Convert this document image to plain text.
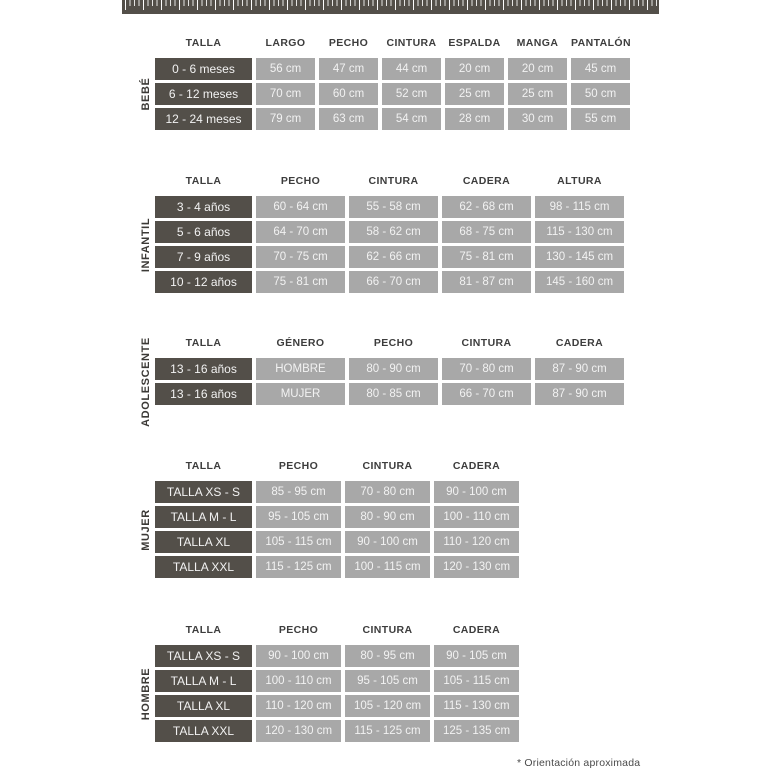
BEBÉ
TALLA	LARGO	PECHO	CINTURA	ESPALDA	MANGA	PANTALÓN
0 - 6 meses	56 cm	47 cm	44 cm	20 cm	20 cm	45 cm
6 - 12 meses	70 cm	60 cm	52 cm	25 cm	25 cm	50 cm
12 - 24 meses	79 cm	63 cm	54 cm	28 cm	30 cm	55 cm
INFANTIL
TALLA	PECHO	CINTURA	CADERA	ALTURA
3 - 4 años	60 - 64 cm	55 - 58 cm	62 - 68 cm	98 - 115 cm
5 - 6 años	64 - 70 cm	58 - 62 cm	68 - 75 cm	115 - 130 cm
7 - 9 años	70 - 75 cm	62 - 66 cm	75 - 81 cm	130 - 145 cm
10 - 12 años	75 - 81 cm	66 - 70 cm	81 - 87 cm	145 - 160 cm
ADOLESCENTE	TALLA	GÉNERO	PECHO	CINTURA	CADERA
13 - 16 años	HOMBRE	80 - 90 cm	70 - 80 cm	87 - 90 cm
13 - 16 años	MUJER	80 - 85 cm	66 - 70 cm	87 - 90 cm
MUJER
TALLA	PECHO	CINTURA	CADERA
TALLA XS - S	85 - 95 cm	70 - 80 cm	90 - 100 cm
TALLA M - L	95 - 105 cm	80 - 90 cm	100 - 110 cm
TALLA XL	105 - 115 cm	90 - 100 cm	110 - 120 cm
TALLA XXL	115 - 125 cm	100 - 115 cm	120 - 130 cm
HOMBRE
TALLA	PECHO	CINTURA	CADERA
TALLA XS - S	90 - 100 cm	80 - 95 cm	90 - 105 cm
TALLA M - L	100 - 110 cm	95 - 105 cm	105 - 115 cm
TALLA XL	110 - 120 cm	105 - 120 cm	115 - 130 cm
TALLA XXL	120 - 130 cm	115 - 125 cm	125 - 135 cm
* Orientación aproximada
